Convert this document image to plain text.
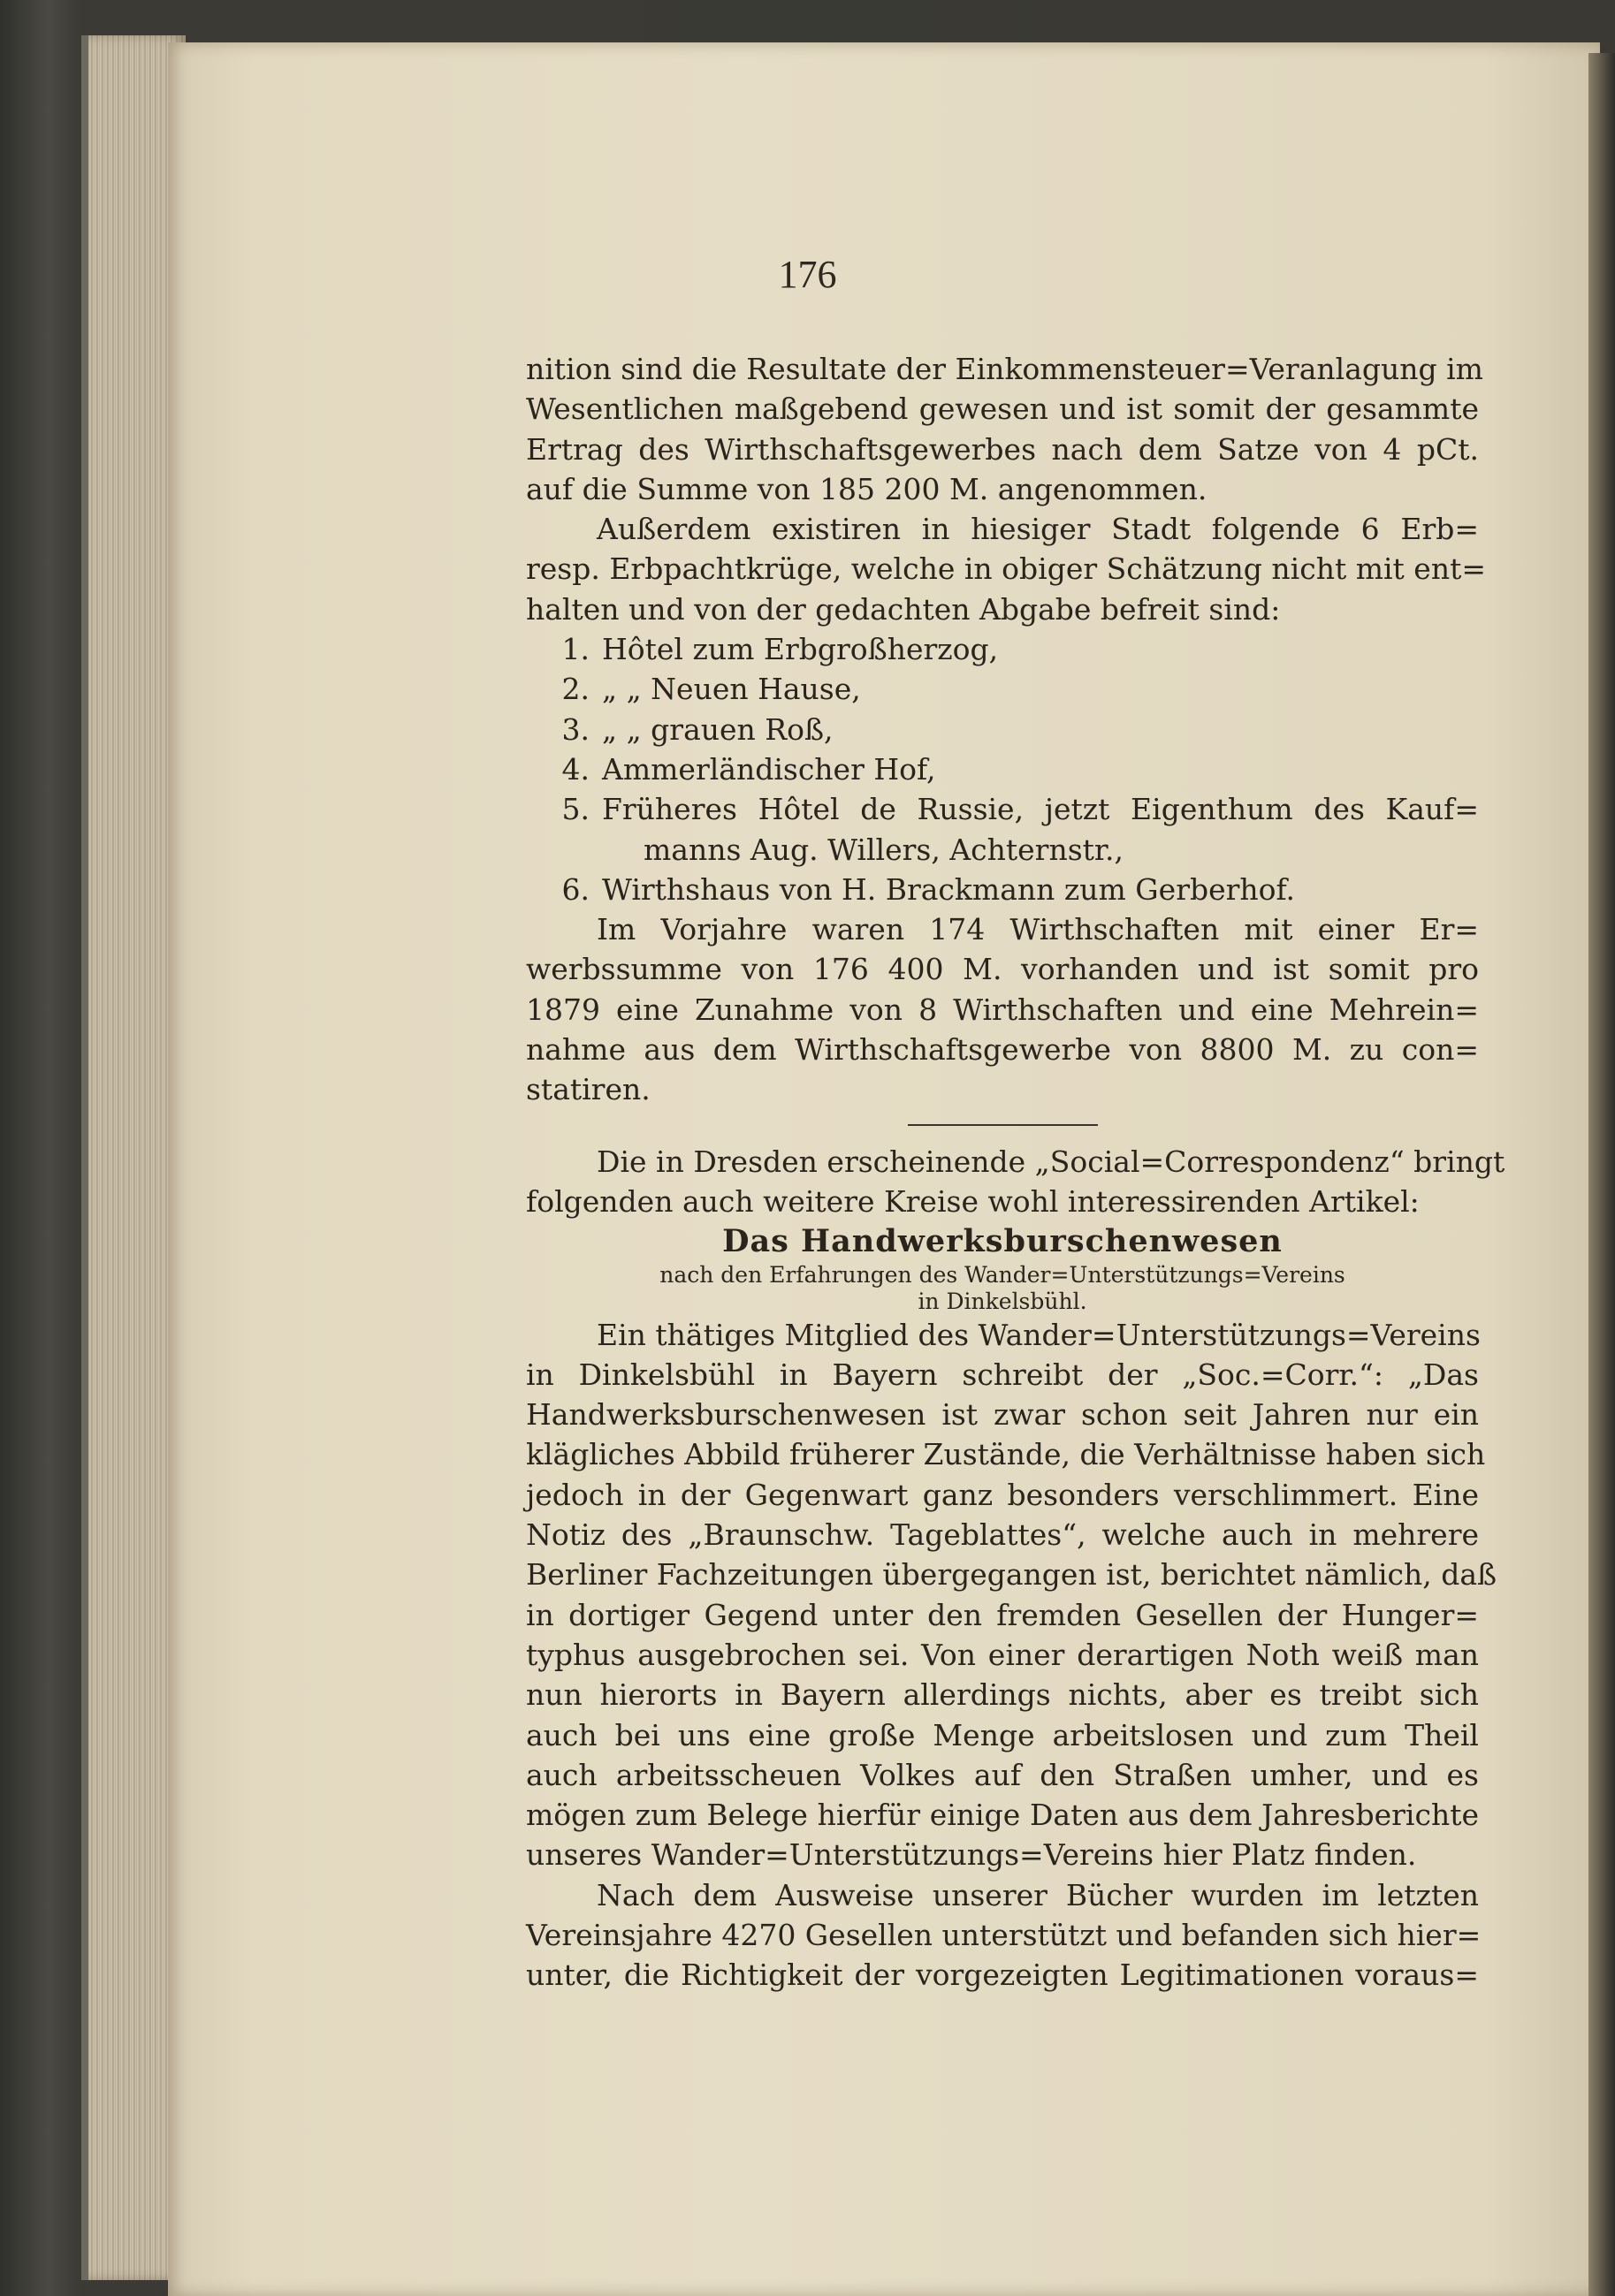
176
nition sind die Resultate der Einkommensteuer=Veranlagung im
Wesentlichen maßgebend gewesen und ist somit der gesammte
Ertrag des Wirthschaftsgewerbes nach dem Satze von 4 pCt.
auf die Summe von 185 200 M. angenommen.
Außerdem existiren in hiesiger Stadt folgende 6 Erb=
resp. Erbpachtkrüge, welche in obiger Schätzung nicht mit ent=
halten und von der gedachten Abgabe befreit sind:
1. Hôtel zum Erbgroßherzog,
2. „ „ Neuen Hause,
3. „ „ grauen Roß,
4. Ammerländischer Hof,
5. Früheres Hôtel de Russie, jetzt Eigenthum des Kauf=
manns Aug. Willers, Achternstr.,
6. Wirthshaus von H. Brackmann zum Gerberhof.
Im Vorjahre waren 174 Wirthschaften mit einer Er=
werbssumme von 176 400 M. vorhanden und ist somit pro
1879 eine Zunahme von 8 Wirthschaften und eine Mehrein=
nahme aus dem Wirthschaftsgewerbe von 8800 M. zu con=
statiren.
Die in Dresden erscheinende „Social=Correspondenz“ bringt
folgenden auch weitere Kreise wohl interessirenden Artikel:
Das Handwerksburschenwesen
nach den Erfahrungen des Wander=Unterstützungs=Vereins
in Dinkelsbühl.
Ein thätiges Mitglied des Wander=Unterstützungs=Vereins
in Dinkelsbühl in Bayern schreibt der „Soc.=Corr.“: „Das
Handwerksburschenwesen ist zwar schon seit Jahren nur ein
klägliches Abbild früherer Zustände, die Verhältnisse haben sich
jedoch in der Gegenwart ganz besonders verschlimmert. Eine
Notiz des „Braunschw. Tageblattes“, welche auch in mehrere
Berliner Fachzeitungen übergegangen ist, berichtet nämlich, daß
in dortiger Gegend unter den fremden Gesellen der Hunger=
typhus ausgebrochen sei. Von einer derartigen Noth weiß man
nun hierorts in Bayern allerdings nichts, aber es treibt sich
auch bei uns eine große Menge arbeitslosen und zum Theil
auch arbeitsscheuen Volkes auf den Straßen umher, und es
mögen zum Belege hierfür einige Daten aus dem Jahresberichte
unseres Wander=Unterstützungs=Vereins hier Platz finden.
Nach dem Ausweise unserer Bücher wurden im letzten
Vereinsjahre 4270 Gesellen unterstützt und befanden sich hier=
unter, die Richtigkeit der vorgezeigten Legitimationen voraus=
